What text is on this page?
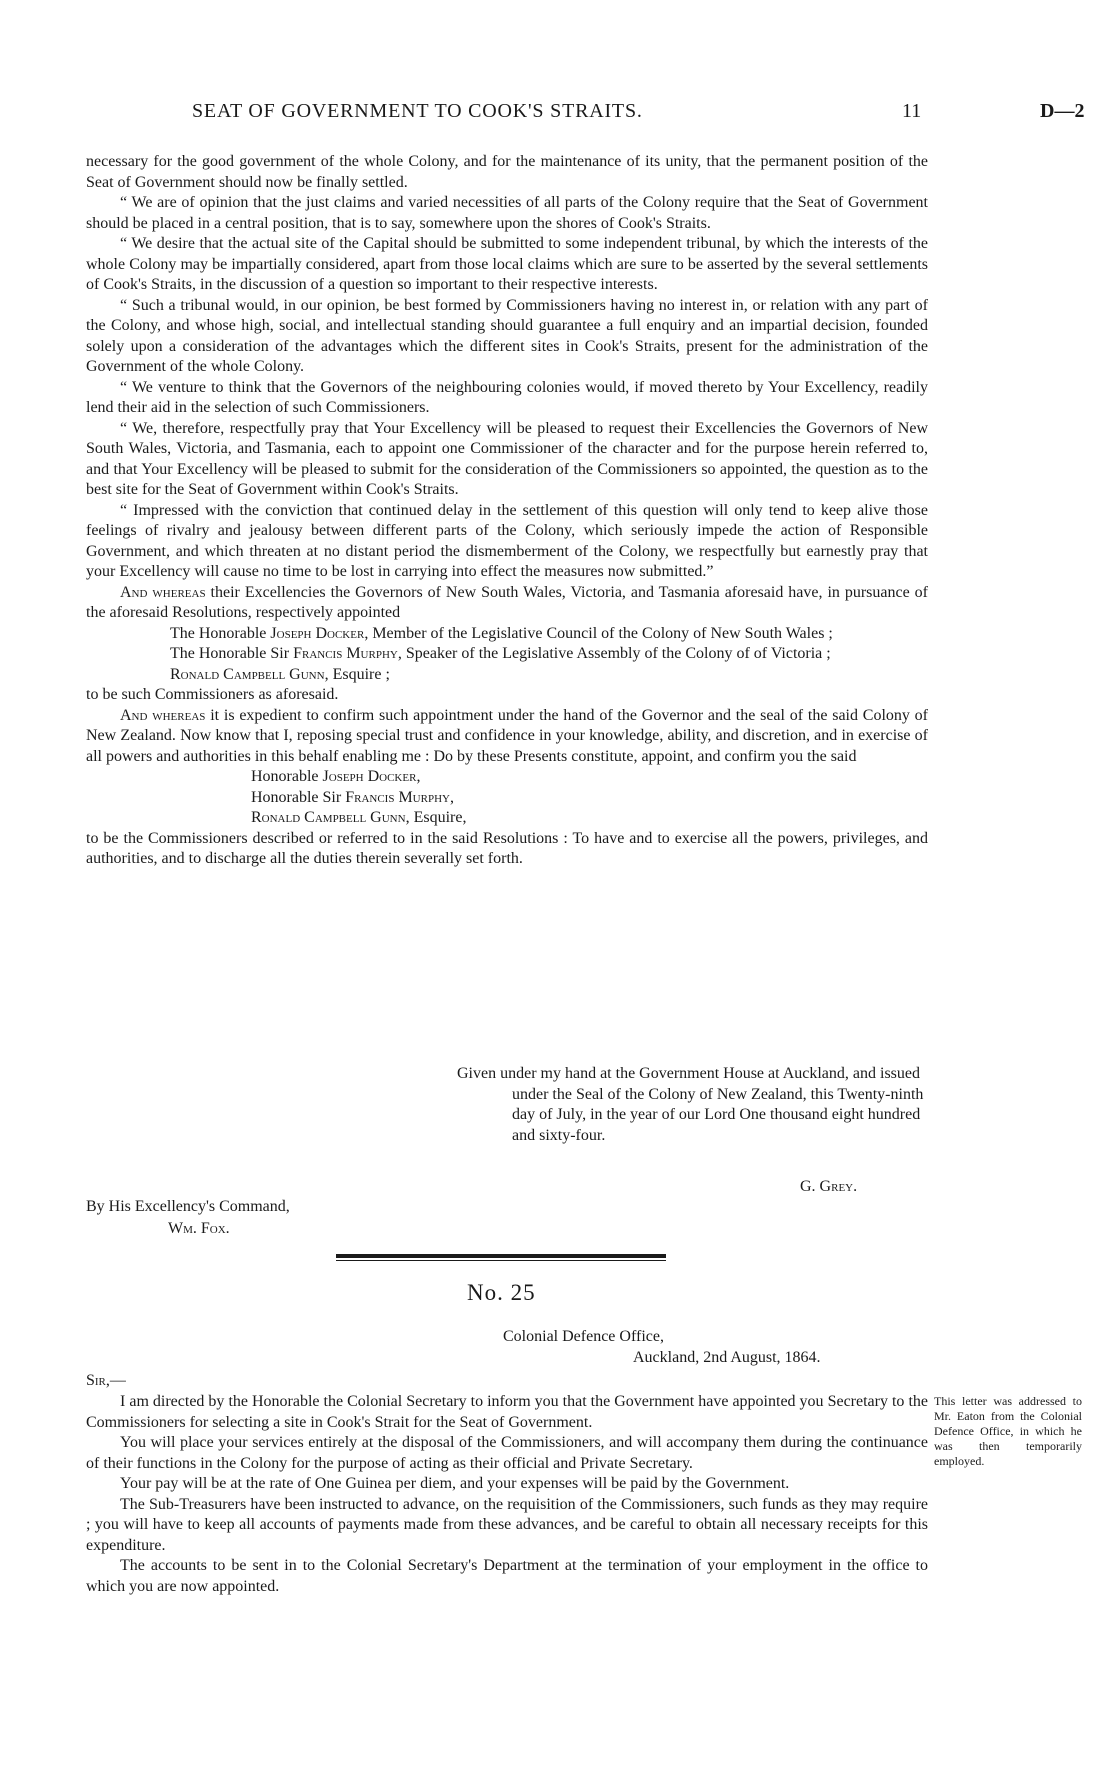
SEAT OF GOVERNMENT TO COOK'S STRAITS.	11	D—2

necessary for the good government of the whole Colony, and for the maintenance of its unity, that the permanent position of the Seat of Government should now be finally settled.

“ We are of opinion that the just claims and varied necessities of all parts of the Colony require that the Seat of Government should be placed in a central position, that is to say, somewhere upon the shores of Cook's Straits.

“ We desire that the actual site of the Capital should be submitted to some independent tribunal, by which the interests of the whole Colony may be impartially considered, apart from those local claims which are sure to be asserted by the several settlements of Cook's Straits, in the discussion of a question so important to their respective interests.

“ Such a tribunal would, in our opinion, be best formed by Commissioners having no interest in, or relation with any part of the Colony, and whose high, social, and intellectual standing should guarantee a full enquiry and an impartial decision, founded solely upon a consideration of the advantages which the different sites in Cook's Straits, present for the administration of the Government of the whole Colony.

“ We venture to think that the Governors of the neighbouring colonies would, if moved thereto by Your Excellency, readily lend their aid in the selection of such Commissioners.

“ We, therefore, respectfully pray that Your Excellency will be pleased to request their Excellencies the Governors of New South Wales, Victoria, and Tasmania, each to appoint one Commissioner of the character and for the purpose herein referred to, and that Your Excellency will be pleased to submit for the consideration of the Commissioners so appointed, the question as to the best site for the Seat of Government within Cook's Straits.

“ Impressed with the conviction that continued delay in the settlement of this question will only tend to keep alive those feelings of rivalry and jealousy between different parts of the Colony, which seriously impede the action of Responsible Government, and which threaten at no distant period the dismemberment of the Colony, we respectfully but earnestly pray that your Excellency will cause no time to be lost in carrying into effect the measures now submitted.”

And whereas their Excellencies the Governors of New South Wales, Victoria, and Tasmania aforesaid have, in pursuance of the aforesaid Resolutions, respectively appointed

The Honorable Joseph Docker, Member of the Legislative Council of the Colony of New South Wales ;

The Honorable Sir Francis Murphy, Speaker of the Legislative Assembly of the Colony of of Victoria ;

Ronald Campbell Gunn, Esquire ;

to be such Commissioners as aforesaid.

And whereas it is expedient to confirm such appointment under the hand of the Governor and the seal of the said Colony of New Zealand. Now know that I, reposing special trust and confidence in your knowledge, ability, and discretion, and in exercise of all powers and authorities in this behalf enabling me : Do by these Presents constitute, appoint, and confirm you the said

Honorable Joseph Docker,

Honorable Sir Francis Murphy,

Ronald Campbell Gunn, Esquire,

to be the Commissioners described or referred to in the said Resolutions : To have and to exercise all the powers, privileges, and authorities, and to discharge all the duties therein severally set forth.

Given under my hand at the Government House at Auckland, and issued under the Seal of the Colony of New Zealand, this Twenty-ninth day of July, in the year of our Lord One thousand eight hundred and sixty-four.

G. Grey.
By His Excellency's Command,
Wm. Fox.
No. 25
Colonial Defence Office,
Auckland, 2nd August, 1864.
Sir,—

I am directed by the Honorable the Colonial Secretary to inform you that the Government have appointed you Secretary to the Commissioners for selecting a site in Cook's Strait for the Seat of Government.

You will place your services entirely at the disposal of the Commissioners, and will accompany them during the continuance of their functions in the Colony for the purpose of acting as their official and Private Secretary.

Your pay will be at the rate of One Guinea per diem, and your expenses will be paid by the Government.

The Sub-Treasurers have been instructed to advance, on the requisition of the Commissioners, such funds as they may require ; you will have to keep all accounts of payments made from these advances, and be careful to obtain all necessary receipts for this expenditure.

The accounts to be sent in to the Colonial Secretary's Department at the termination of your employment in the office to which you are now appointed.

This letter was addressed to Mr. Eaton from the Colonial Defence Office, in which he was then temporarily employed.
